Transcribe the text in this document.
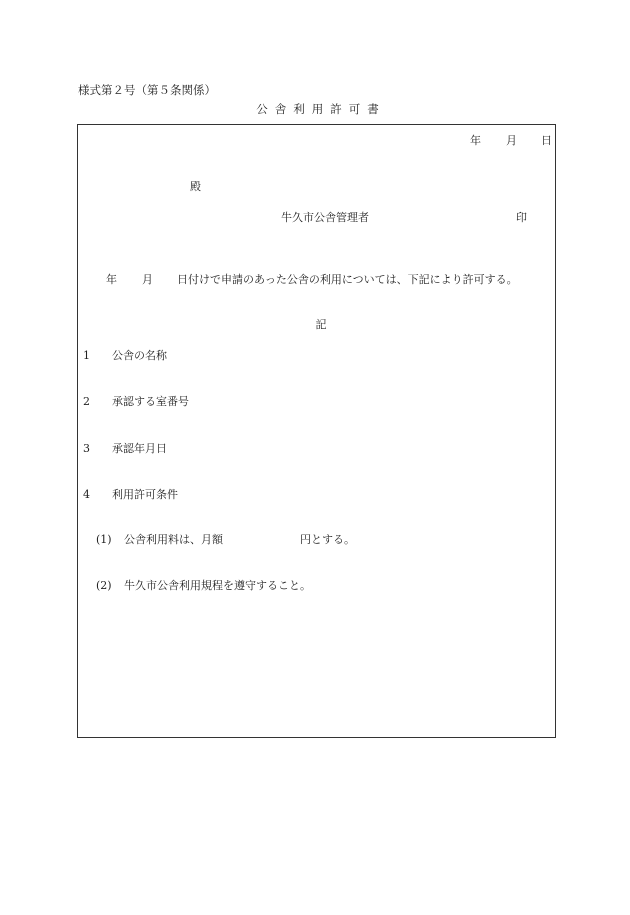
様式第２号（第５条関係）
公舎利用許可書
年 月 日
殿
牛久市公舎管理者	印
年 月 日付けで申請のあった公舎の利用については、下記により許可する。
記
1 公舎の名称
2 承認する室番号
3 承認年月日
4 利用許可条件
(1) 公舎利用料は、月額	円とする。
(2) 牛久市公舎利用規程を遵守すること。
